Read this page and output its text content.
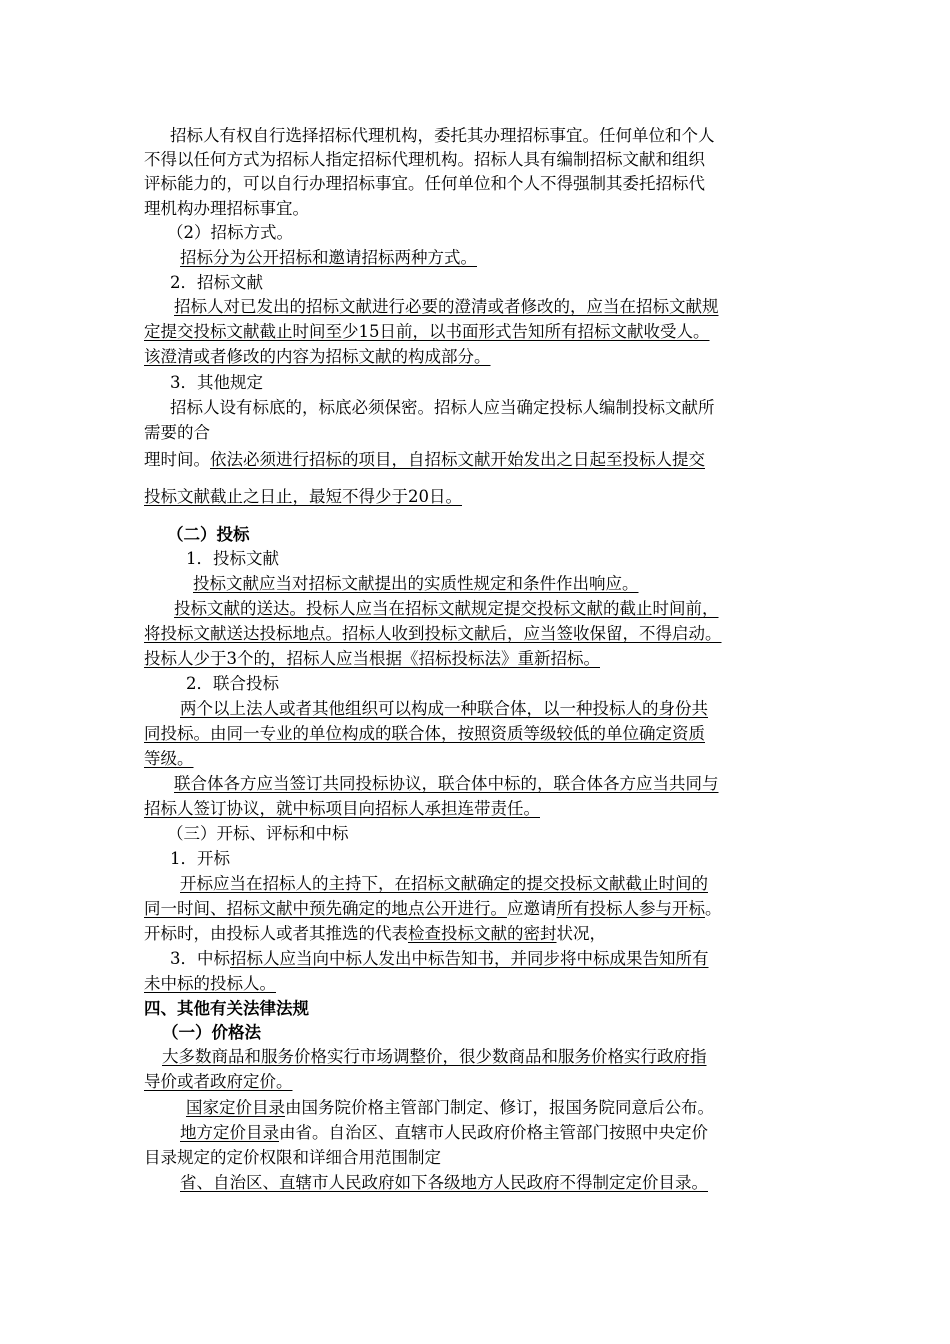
招标人有权自行选择招标代理机构，委托其办理招标事宜。任何单位和个人
不得以任何方式为招标人指定招标代理机构。招标人具有编制招标文献和组织
评标能力的，可以自行办理招标事宜。任何单位和个人不得强制其委托招标代
理机构办理招标事宜。
（2）招标方式。
招标分为公开招标和邀请招标两种方式。
2．招标文献
招标人对已发出的招标文献进行必要的澄清或者修改的，应当在招标文献规
定提交投标文献截止时间至少15日前，以书面形式告知所有招标文献收受人。
该澄清或者修改的内容为招标文献的构成部分。
3．其他规定
招标人设有标底的，标底必须保密。招标人应当确定投标人编制投标文献所
需要的合
理时间。依法必须进行招标的项目，自招标文献开始发出之日起至投标人提交
投标文献截止之日止，最短不得少于20日。
（二）投标
1．投标文献
投标文献应当对招标文献提出的实质性规定和条件作出响应。
投标文献的送达。投标人应当在招标文献规定提交投标文献的截止时间前，
将投标文献送达投标地点。招标人收到投标文献后，应当签收保留，不得启动。
投标人少于3个的，招标人应当根据《招标投标法》重新招标。
2．联合投标
两个以上法人或者其他组织可以构成一种联合体，以一种投标人的身份共
同投标。由同一专业的单位构成的联合体，按照资质等级较低的单位确定资质
等级。
联合体各方应当签订共同投标协议，联合体中标的，联合体各方应当共同与
招标人签订协议，就中标项目向招标人承担连带责任。
（三）开标、评标和中标
1．开标
开标应当在招标人的主持下，在招标文献确定的提交投标文献截止时间的
同一时间、招标文献中预先确定的地点公开进行。应邀请所有投标人参与开标。
开标时，由投标人或者其推选的代表检查投标文献的密封状况，
3．中标招标人应当向中标人发出中标告知书，并同步将中标成果告知所有
未中标的投标人。
四、其他有关法律法规
（一）价格法
大多数商品和服务价格实行市场调整价，很少数商品和服务价格实行政府指
导价或者政府定价。
国家定价目录由国务院价格主管部门制定、修订，报国务院同意后公布。
地方定价目录由省。自治区、直辖市人民政府价格主管部门按照中央定价
目录规定的定价权限和详细合用范围制定
省、自治区、直辖市人民政府如下各级地方人民政府不得制定定价目录。
